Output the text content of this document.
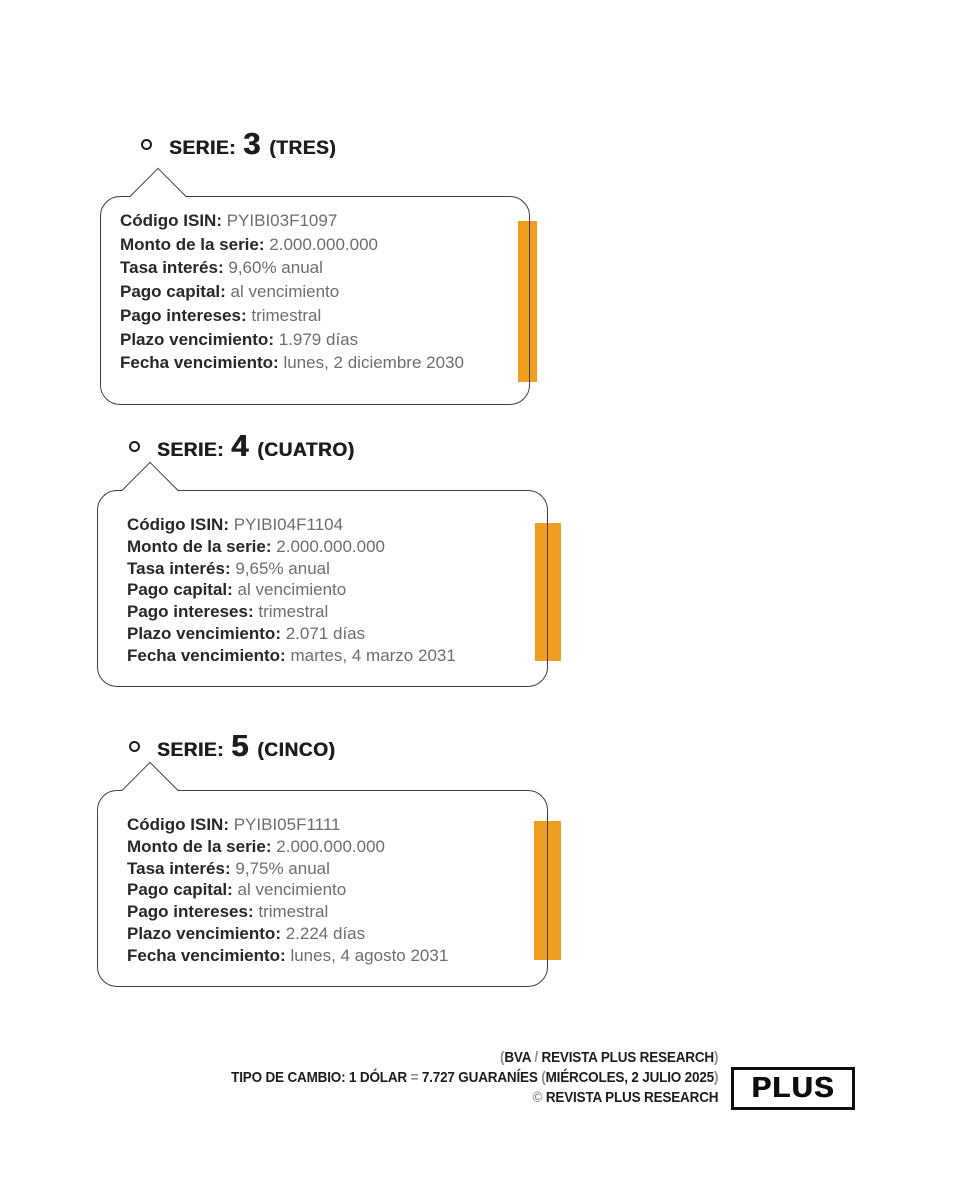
SERIE: 3 (TRES)
Código ISIN: PYIBI03F1097
Monto de la serie: 2.000.000.000
Tasa interés: 9,60% anual
Pago capital: al vencimiento
Pago intereses: trimestral
Plazo vencimiento: 1.979 días
Fecha vencimiento: lunes, 2 diciembre 2030
SERIE: 4 (CUATRO)
Código ISIN: PYIBI04F1104
Monto de la serie: 2.000.000.000
Tasa interés: 9,65% anual
Pago capital: al vencimiento
Pago intereses: trimestral
Plazo vencimiento: 2.071 días
Fecha vencimiento: martes, 4 marzo 2031
SERIE: 5 (CINCO)
Código ISIN: PYIBI05F1111
Monto de la serie: 2.000.000.000
Tasa interés: 9,75% anual
Pago capital: al vencimiento
Pago intereses: trimestral
Plazo vencimiento: 2.224 días
Fecha vencimiento: lunes, 4 agosto 2031
(BVA / REVISTA PLUS RESEARCH)
TIPO DE CAMBIO: 1 DÓLAR = 7.727 GUARANÍES (MIÉRCOLES, 2 JULIO 2025)
© REVISTA PLUS RESEARCH PLUS
